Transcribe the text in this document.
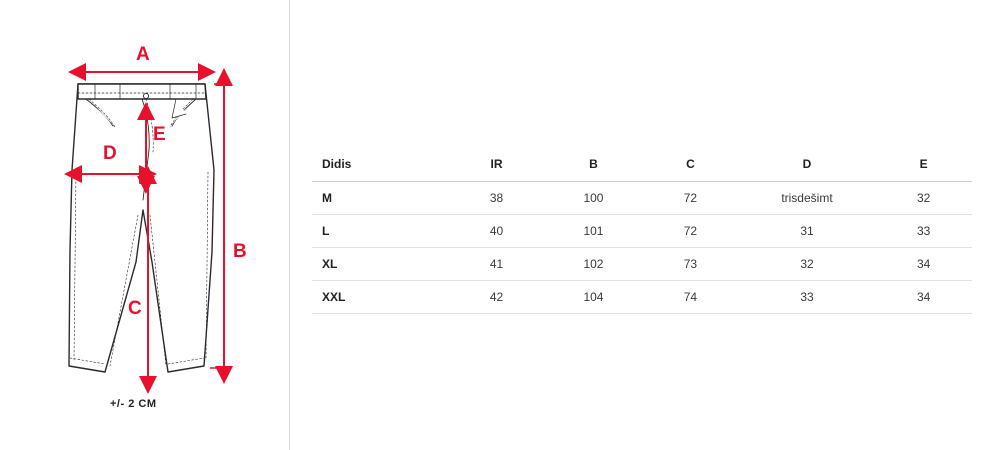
A
B
C
D
E
+/- 2 CM
Didis	IR	B	C	D	E
M	38	100	72	trisdešimt	32
L	40	101	72	31	33
XL	41	102	73	32	34
XXL	42	104	74	33	34
